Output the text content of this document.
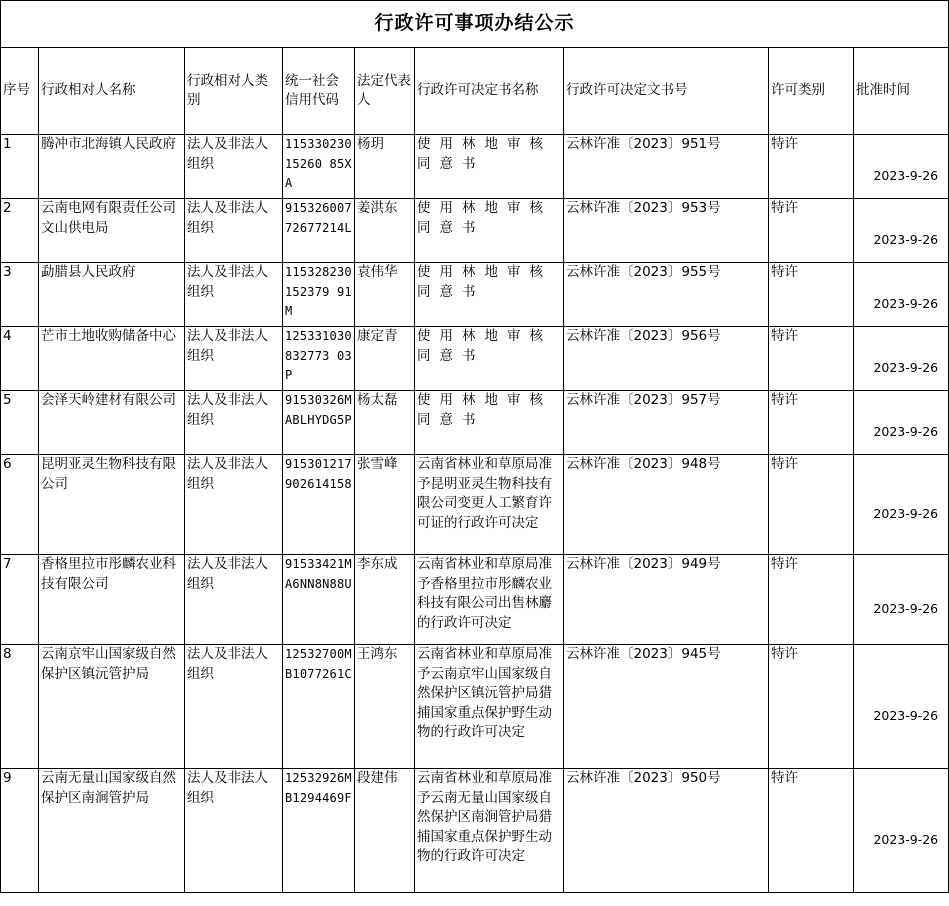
行政许可事项办结公示								
序号	行政相对人名称	行政相对人类别	统一社会信用代码	法定代表人	行政许可决定书名称	行政许可决定文书号	许可类别	批准时间
1	腾冲市北海镇人民政府	法人及非法人组织	11533023015260 85XA	杨玥	使用林地审核同意书	云林许准〔2023〕951号	特许	2023-9-26
2	云南电网有限责任公司文山供电局	法人及非法人组织	91532600772677214L	姜洪东	使用林地审核同意书	云林许准〔2023〕953号	特许	2023-9-26
3	勐腊县人民政府	法人及非法人组织	115328230152379 91M	袁伟华	使用林地审核同意书	云林许准〔2023〕955号	特许	2023-9-26
4	芒市土地收购储备中心	法人及非法人组织	125331030832773 03P	康定青	使用林地审核同意书	云林许准〔2023〕956号	特许	2023-9-26
5	会泽天岭建材有限公司	法人及非法人组织	91530326MABLHYDG5P	杨太磊	使用林地审核同意书	云林许准〔2023〕957号	特许	2023-9-26
6	昆明亚灵生物科技有限公司	法人及非法人组织	915301217902614158	张雪峰	云南省林业和草原局准予昆明亚灵生物科技有限公司变更人工繁育许可证的行政许可决定	云林许准〔2023〕948号	特许	2023-9-26
7	香格里拉市彤麟农业科技有限公司	法人及非法人组织	91533421MA6NN8N88U	李东成	云南省林业和草原局准予香格里拉市彤麟农业科技有限公司出售林麝的行政许可决定	云林许准〔2023〕949号	特许	2023-9-26
8	云南京牢山国家级自然保护区镇沅管护局	法人及非法人组织	12532700MB1077261C	王鸿东	云南省林业和草原局准予云南京牢山国家级自然保护区镇沅管护局猎捕国家重点保护野生动物的行政许可决定	云林许准〔2023〕945号	特许	2023-9-26
9	云南无量山国家级自然保护区南涧管护局	法人及非法人组织	12532926MB1294469F	段建伟	云南省林业和草原局准予云南无量山国家级自然保护区南涧管护局猎捕国家重点保护野生动物的行政许可决定	云林许准〔2023〕950号	特许	2023-9-26
